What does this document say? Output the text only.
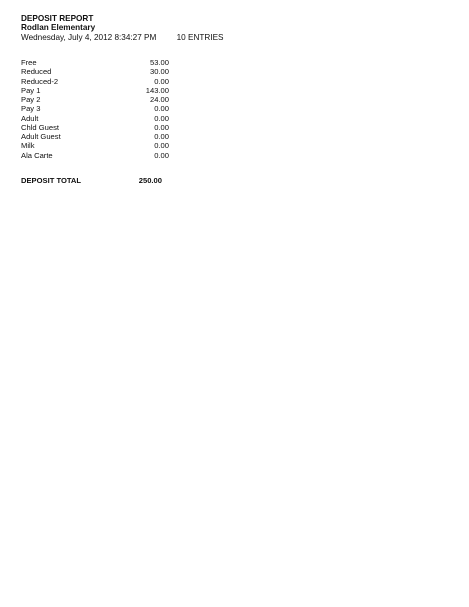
DEPOSIT REPORT
Rodlan Elementary
Wednesday, July 4, 2012 8:34:27 PM 10 ENTRIES
Free	53.00
Reduced	30.00
Reduced-2	0.00
Pay 1	143.00
Pay 2	24.00
Pay 3	0.00
Adult	0.00
Chld Guest	0.00
Adult Guest	0.00
Milk	0.00
Ala Carte	0.00
DEPOSIT TOTAL	250.00
